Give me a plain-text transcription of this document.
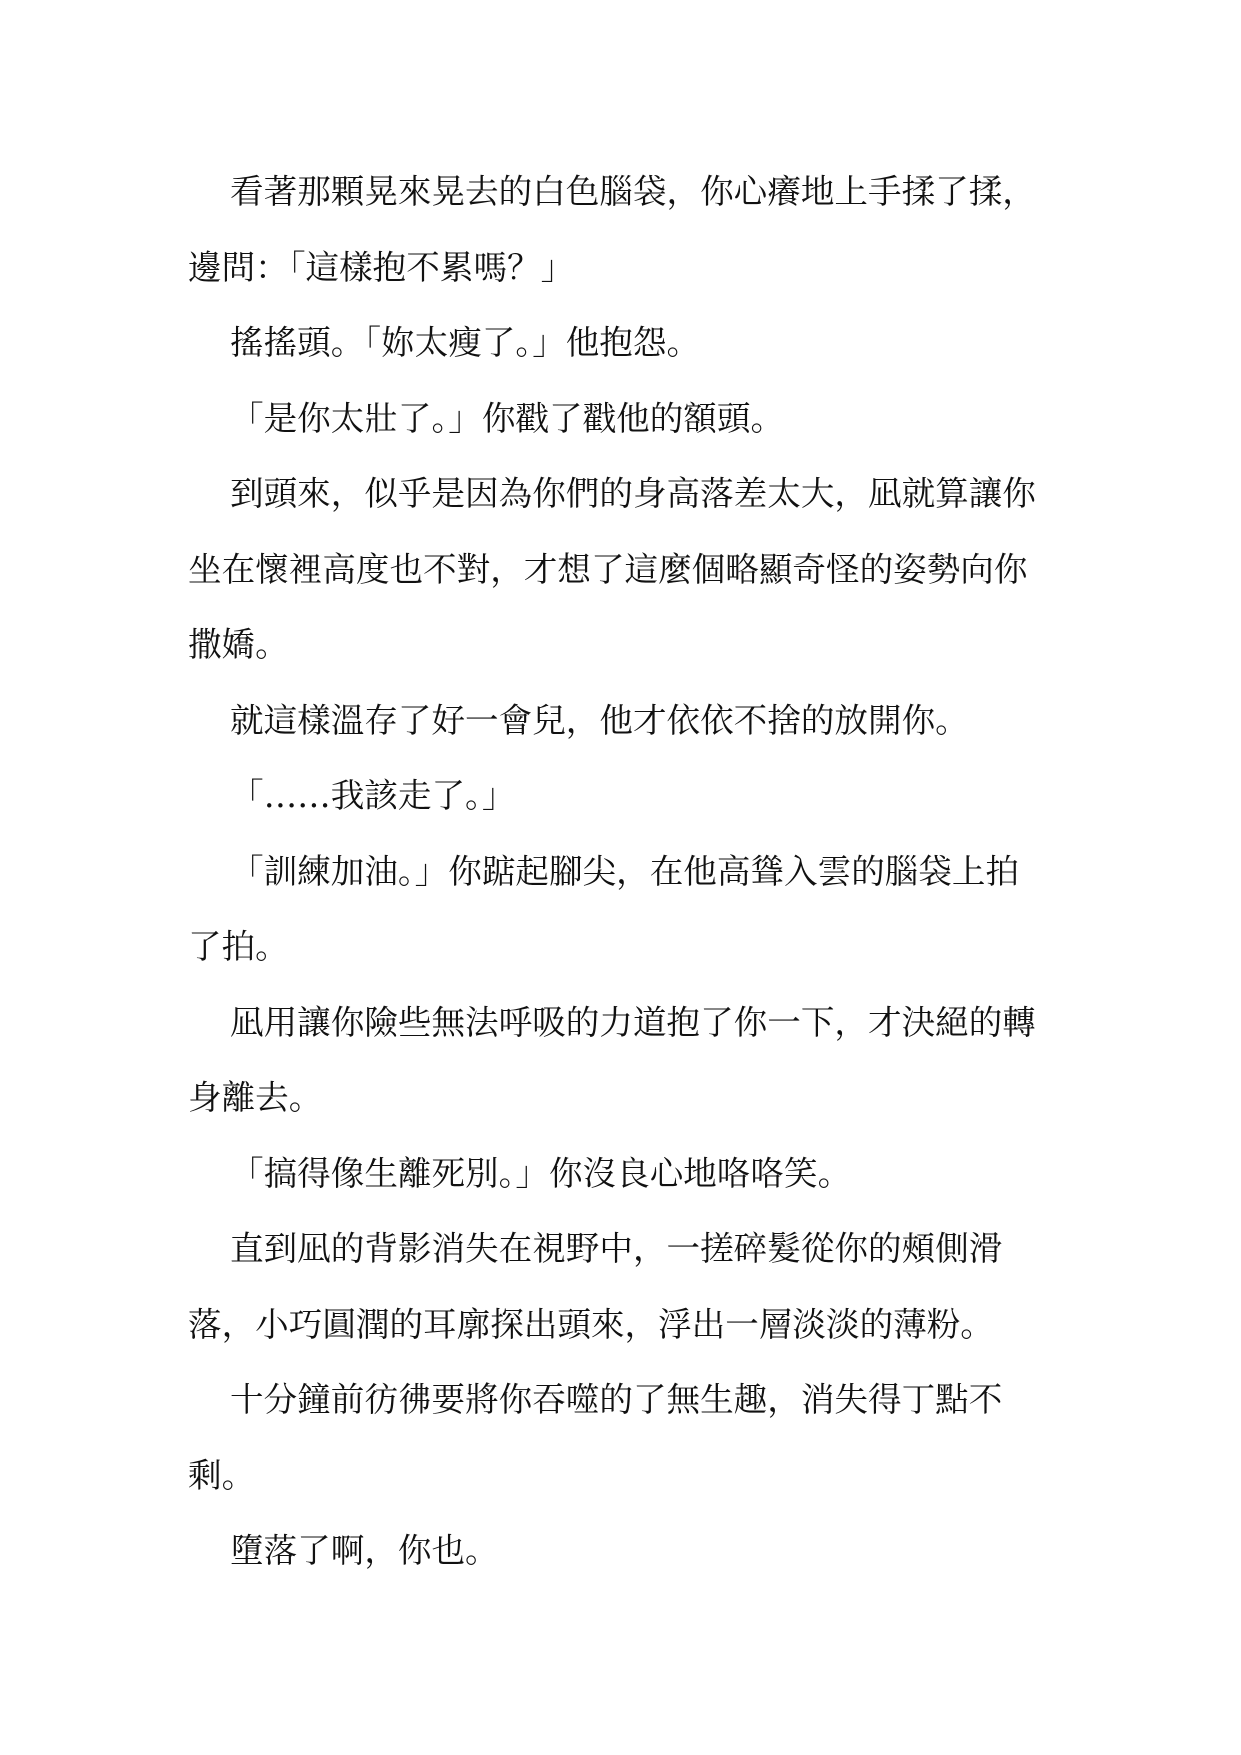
看著那顆晃來晃去的白色腦袋，你心癢地上手揉了揉，
邊問：「這樣抱不累嗎？」
搖搖頭。「妳太瘦了。」他抱怨。
「是你太壯了。」你戳了戳他的額頭。
到頭來，似乎是因為你們的身高落差太大，凪就算讓你
坐在懷裡高度也不對，才想了這麼個略顯奇怪的姿勢向你
撒嬌。
就這樣溫存了好一會兒，他才依依不捨的放開你。
「……我該走了。」
「訓練加油。」你踮起腳尖，在他高聳入雲的腦袋上拍
了拍。
凪用讓你險些無法呼吸的力道抱了你一下，才決絕的轉
身離去。
「搞得像生離死別。」你沒良心地咯咯笑。
直到凪的背影消失在視野中，一搓碎髮從你的頰側滑
落，小巧圓潤的耳廓探出頭來，浮出一層淡淡的薄粉。
十分鐘前彷彿要將你吞噬的了無生趣，消失得丁點不
剩。
墮落了啊，你也。
